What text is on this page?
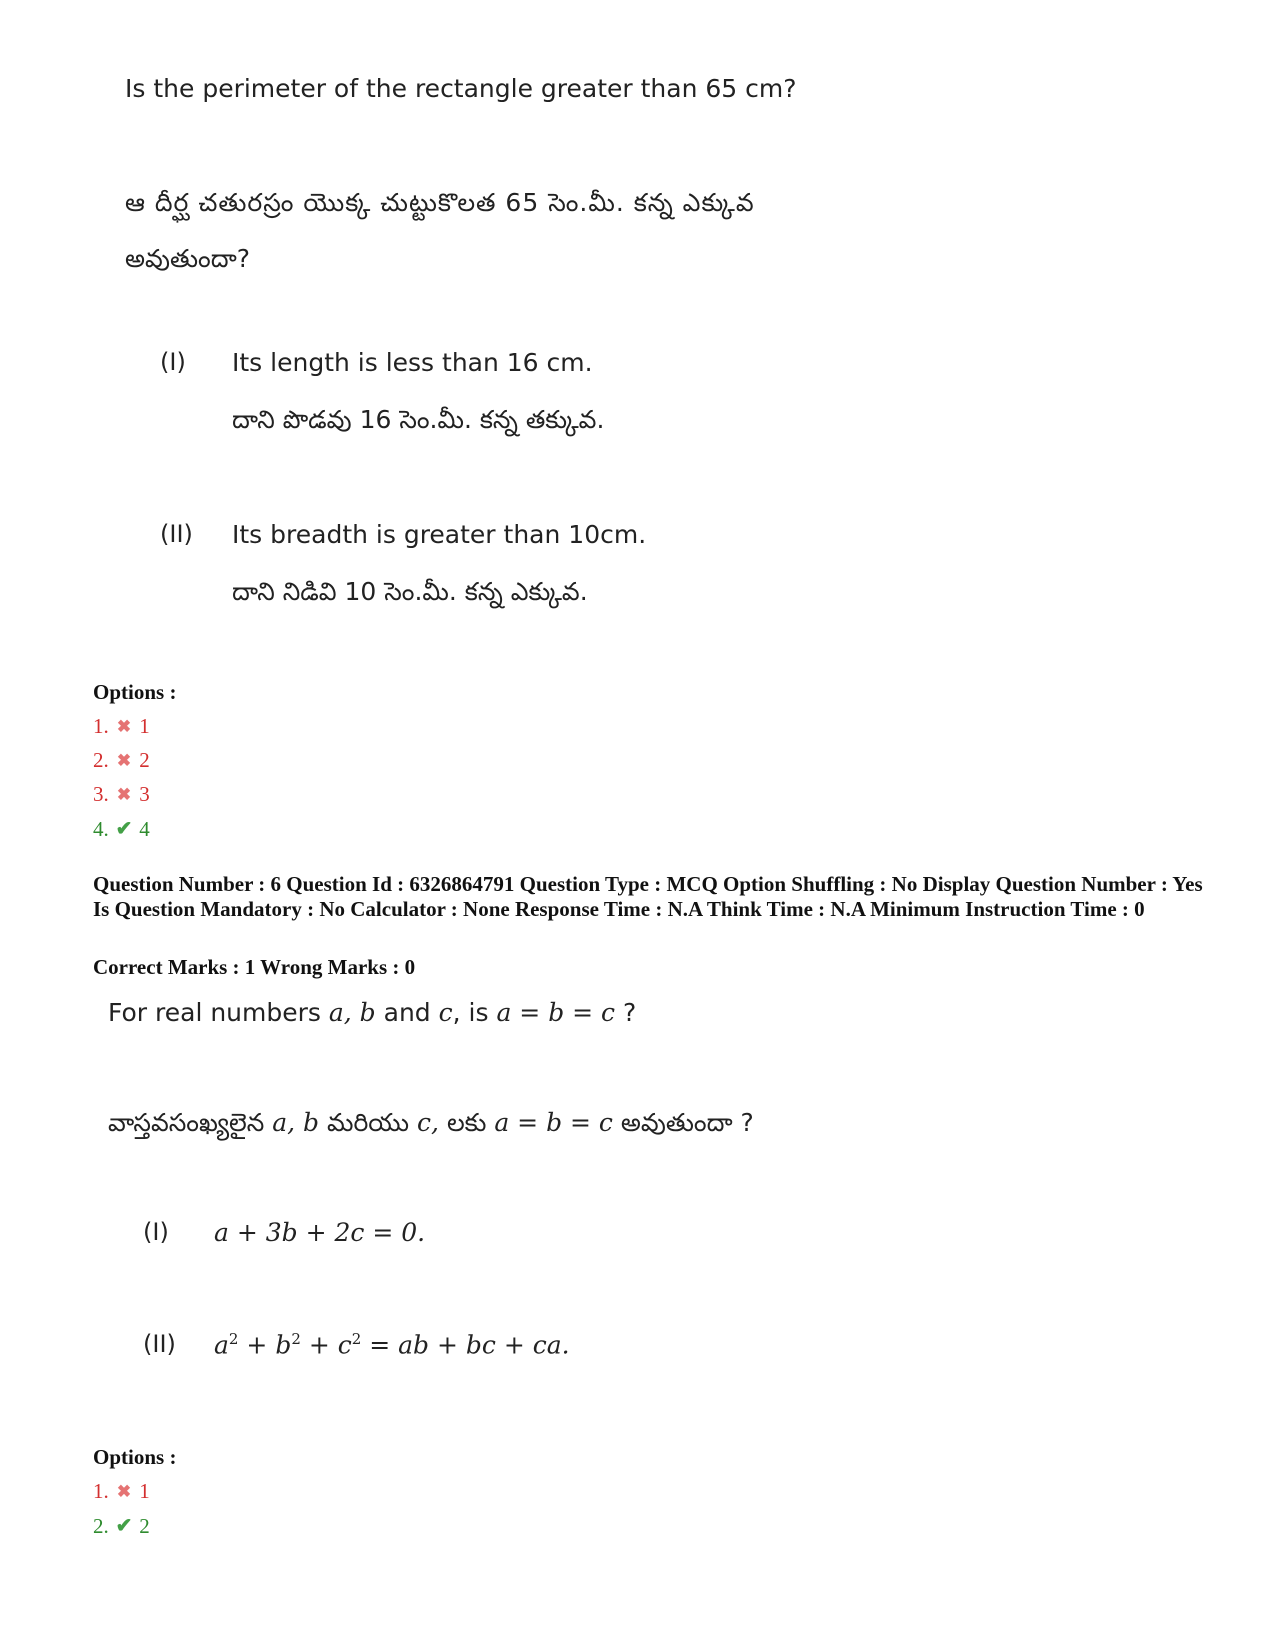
Is the perimeter of the rectangle greater than 65 cm?
ఆ దీర్ఘ చతురస్రం యొక్క చుట్టుకొలత 65 సెం.మీ. కన్న ఎక్కువ
అవుతుందా?
(I) Its length is less than 16 cm.
దాని పొడవు 16 సెం.మీ. కన్న తక్కువ.
(II) Its breadth is greater than 10cm.
దాని నిడివి 10 సెం.మీ. కన్న ఎక్కువ.
Options :
1. ✖ 1
2. ✖ 2
3. ✖ 3
4. ✔ 4
Question Number : 6 Question Id : 6326864791 Question Type : MCQ Option Shuffling : No Display Question Number : Yes Is Question Mandatory : No Calculator : None Response Time : N.A Think Time : N.A Minimum Instruction Time : 0
Correct Marks : 1 Wrong Marks : 0
For real numbers a, b and c, is a = b = c ?
వాస్తవసంఖ్యలైన a, b మరియు c, లకు a = b = c అవుతుందా ?
(I) a + 3b + 2c = 0.
(II) $a^2 + b^2 + c^2$ = ab + bc + ca.
Options :
1. ✖ 1
2. ✔ 2
